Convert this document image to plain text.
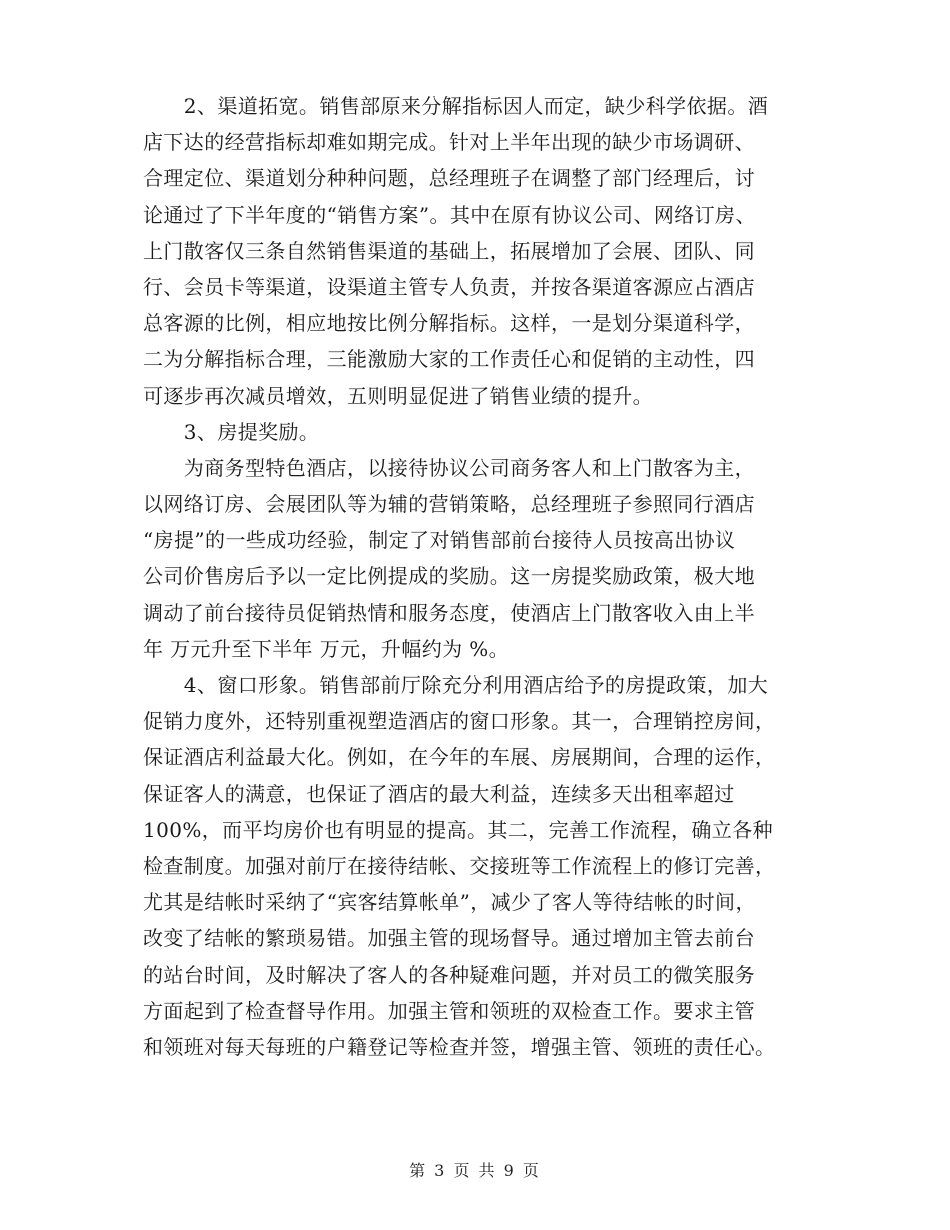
　　2、渠道拓宽。销售部原来分解指标因人而定，缺少科学依据。酒
店下达的经营指标却难如期完成。针对上半年出现的缺少市场调研、
合理定位、渠道划分种种问题，总经理班子在调整了部门经理后，讨
论通过了下半年度的“销售方案”。其中在原有协议公司、网络订房、
上门散客仅三条自然销售渠道的基础上，拓展增加了会展、团队、同
行、会员卡等渠道，设渠道主管专人负责，并按各渠道客源应占酒店
总客源的比例，相应地按比例分解指标。这样，一是划分渠道科学，
二为分解指标合理，三能激励大家的工作责任心和促销的主动性，四
可逐步再次减员增效，五则明显促进了销售业绩的提升。
　　3、房提奖励。
　　为商务型特色酒店，以接待协议公司商务客人和上门散客为主，
以网络订房、会展团队等为辅的营销策略，总经理班子参照同行酒店
“房提”的一些成功经验，制定了对销售部前台接待人员按高出协议
公司价售房后予以一定比例提成的奖励。这一房提奖励政策，极大地
调动了前台接待员促销热情和服务态度，使酒店上门散客收入由上半
年 万元升至下半年 万元，升幅约为 %。
　　4、窗口形象。销售部前厅除充分利用酒店给予的房提政策，加大
促销力度外，还特别重视塑造酒店的窗口形象。其一，合理销控房间，
保证酒店利益最大化。例如，在今年的车展、房展期间，合理的运作，
保证客人的满意，也保证了酒店的最大利益，连续多天出租率超过
100%，而平均房价也有明显的提高。其二，完善工作流程，确立各种
检查制度。加强对前厅在接待结帐、交接班等工作流程上的修订完善，
尤其是结帐时采纳了“宾客结算帐单”，减少了客人等待结帐的时间，
改变了结帐的繁琐易错。加强主管的现场督导。通过增加主管去前台
的站台时间，及时解决了客人的各种疑难问题，并对员工的微笑服务
方面起到了检查督导作用。加强主管和领班的双检查工作。要求主管
和领班对每天每班的户籍登记等检查并签，增强主管、领班的责任心。
第 3 页 共 9 页
